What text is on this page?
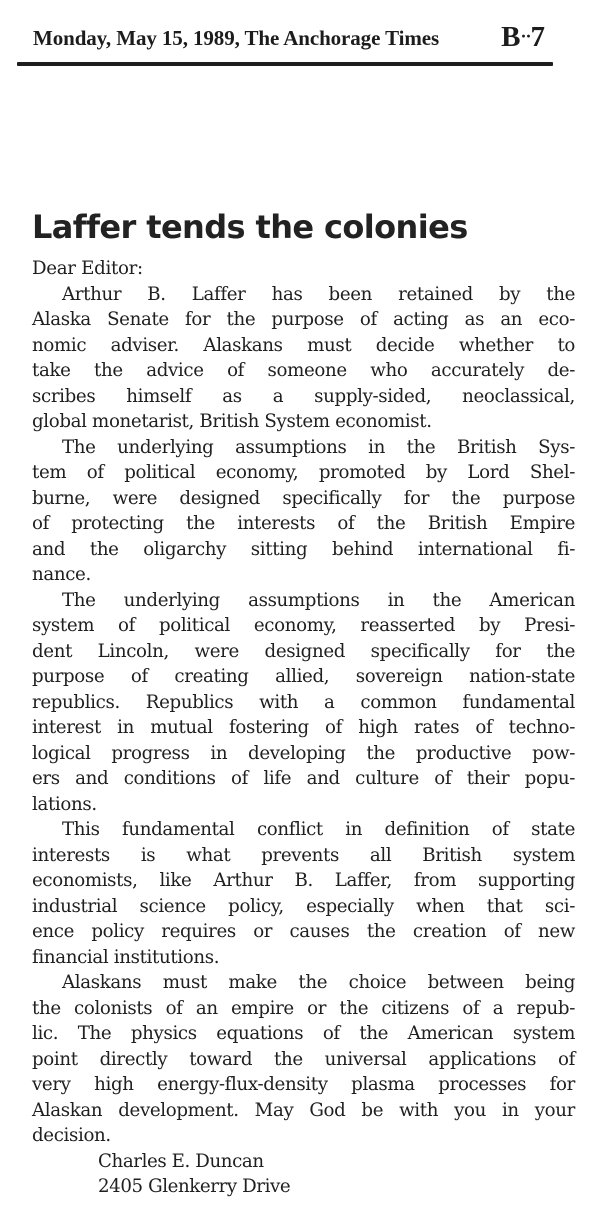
Monday, May 15, 1989, The Anchorage Times B··7
Laffer tends the colonies
Dear Editor:
Arthur B. Laffer has been retained by the
Alaska Senate for the purpose of acting as an eco-
nomic adviser. Alaskans must decide whether to
take the advice of someone who accurately de-
scribes himself as a supply-sided, neoclassical,
global monetarist, British System economist.
The underlying assumptions in the British Sys-
tem of political economy, promoted by Lord Shel-
burne, were designed specifically for the purpose
of protecting the interests of the British Empire
and the oligarchy sitting behind international fi-
nance.
The underlying assumptions in the American
system of political economy, reasserted by Presi-
dent Lincoln, were designed specifically for the
purpose of creating allied, sovereign nation-state
republics. Republics with a common fundamental
interest in mutual fostering of high rates of techno-
logical progress in developing the productive pow-
ers and conditions of life and culture of their popu-
lations.
This fundamental conflict in definition of state
interests is what prevents all British system
economists, like Arthur B. Laffer, from supporting
industrial science policy, especially when that sci-
ence policy requires or causes the creation of new
financial institutions.
Alaskans must make the choice between being
the colonists of an empire or the citizens of a repub-
lic. The physics equations of the American system
point directly toward the universal applications of
very high energy-flux-density plasma processes for
Alaskan development. May God be with you in your
decision.
Charles E. Duncan
2405 Glenkerry Drive
